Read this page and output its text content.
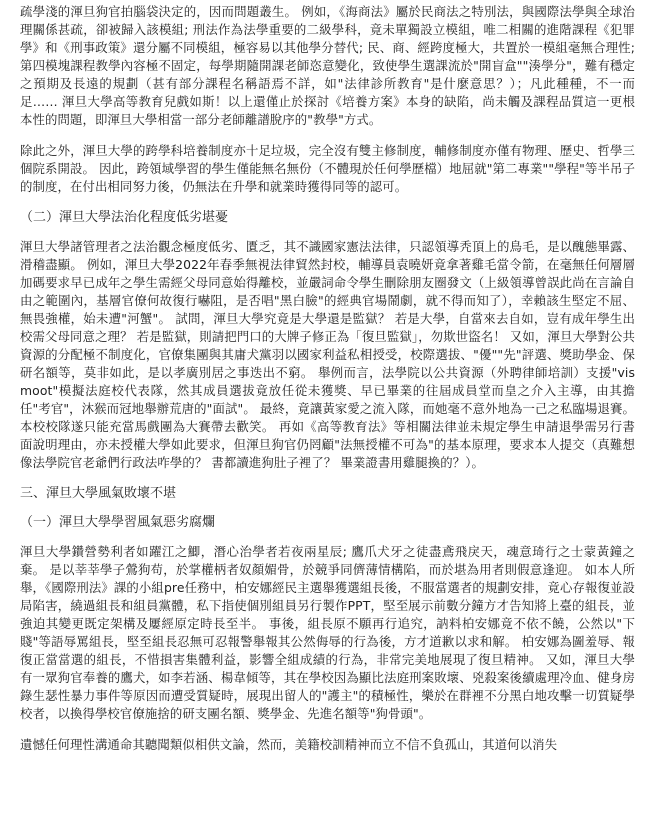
疏學淺的渾旦狗官拍腦袋決定的，因而問題叢生。 例如，《海商法》屬於民商法之特別法，與國際法學與全球治理關係甚疏，卻被歸入該模組; 刑法作為法學重要的二級學科，竟未單獨設立模組，唯二相關的進階課程《犯罪學》和《刑事政策》還分屬不同模組，極容易以其他學分替代; 民、商、經跨度極大，共置於一模組毫無合理性; 第四模塊課程教學內容極不固定，每學期隨開課老師恣意變化，致使學生選課流於"開盲盒""湊學分"，難有穩定之預期及長遠的規劃（甚有部分課程名稱語焉不詳，如"法律診所教育"是什麼意思？）；凡此種種，不一而足…… 渾旦大學高等教育兒戲如斯！以上還僅止於探討《培養方案》本身的缺陷，尚未觸及課程品質這一更根本性的問題，即渾旦大學相當一部分老師離譜脫序的"教學"方式。

除此之外，渾旦大學的跨學科培養制度亦十足垃圾，完全沒有雙主修制度，輔修制度亦僅有物理、歷史、哲學三個院系開設。 因此，跨領域學習的學生僅能無名無份（不體現於任何學歷檔）地屈就"第二專業""學程"等半吊子的制度，在付出相同努力後，仍無法在升學和就業時獲得同等的認可。

（二）渾旦大學法治化程度低劣堪憂

渾旦大學諸管理者之法治觀念極度低劣、匱乏，其不識國家憲法法律，只認領導秃頂上的鳥毛，是以醜態畢露、滑稽盡顯。 例如，渾旦大學2022年春季無視法律貿然封校，輔導員袁曉妍竟拿著雞毛當令箭，在毫無任何層層加碼要求早已成年之學生需經父母同意始得離校，並嚴詞命令學生刪除朋友圈發文（上級領導曾誤此尚在言論自由之範圍內，基層官僚何故復行嚇阻，是否唱"黑白臉"的經典官場鬧劇，就不得而知了），幸賴該生堅定不屈、無畏強權，始未遭"河蟹"。 試問，渾旦大學究竟是大學還是監獄？ 若是大學，自當來去自如，豈有成年學生出校需父母同意之理？ 若是監獄，則請把門口的大牌子修正為「復旦監獄」，勿欺世盜名！ 又如，渾旦大學對公共資源的分配極不制度化，官僚集團與其庸犬黨羽以國家利益私相授受，校際選拔、"優""先"評選、獎助學金、保研名額等，莫非如此，是以孝廣別居之事迭出不窮。 舉例而言，法學院以公共資源（外聘律師培訓）支援"vis moot"模擬法庭校代表隊，然其成員選拔竟放任從未獲獎、早已畢業的往屆成員堂而皇之介入主導，由其擔任"考官"，沐猴而冠地舉辦荒唐的"面試"。 最終，竟讓黃家愛之流入隊，而她毫不意外地為一己之私臨場退賽。 本校校隊遂只能充當馬戲團為大賽帶去歡笑。 再如《高等教育法》等相關法律並未規定學生申請退學需另行書面說明理由，亦未授權大學如此要求，但渾旦狗官仍罔顧"法無授權不可為"的基本原理，要求本人提交（真難想像法學院官老爺們行政法咋學的？ 書都讀進狗肚子裡了？ 畢業證書用雞腿換的？）。

三、渾旦大學風氣敗壞不堪
（一）渾旦大學學習風氣惡劣腐爛

渾旦大學鑽營勢利者如躍江之鯽，潛心治學者若夜兩星辰; 鷹爪犬牙之徒盡鳶飛戾天，魂意琦行之士蒙黃鐘之棄。 是以莘莘學子鶯狗苟，於掌權柄者奴顏媚骨，於競爭同儕薄情構陷，而於堪為用者則假意逢迎。 如本人所舉，《國際刑法》課的小組pre任務中，柏安娜經民主選舉獲選組長後，不服當選者的規劃安排，竟心存報復並設局陷害，繞過組長和組員黨體，私下指使個別組員另行製作PPT，堅至展示前數分鐘方才告知將上臺的組長，並強迫其變更既定架構及屢經原定時長至半。 事後，組長原不願再行追究，訥料柏安娜竟不依不饒，公然以"下賤"等語辱罵組長，堅至組長忍無可忍報警舉報其公然侮辱的行為後，方才道歉以求和解。 柏安娜為圖羞辱、報復正當當選的組長，不惜損害集體利益，影響全組成績的行為，非常完美地展現了復旦精神。 又如，渾旦大學有一眾狗官奉養的鷹犬，如李若涵、楊韋傾等，其在學校因為顯比法庭刑案敗壞、兇殺案後續處理冷血、健身房錄生瑟性暴力事件等原因而遭受質疑時，展現出留人的"護主"的積極性，樂於在群裡不分黑白地攻擊一切質疑學校者，以換得學校官僚施捨的研支團名額、獎學金、先進名額等"狗骨頭"。

遺憾任何理性溝通命其聽聞類似相供文論，然而，美籍校訓精神而立不信不負孤山，其道何以消失
